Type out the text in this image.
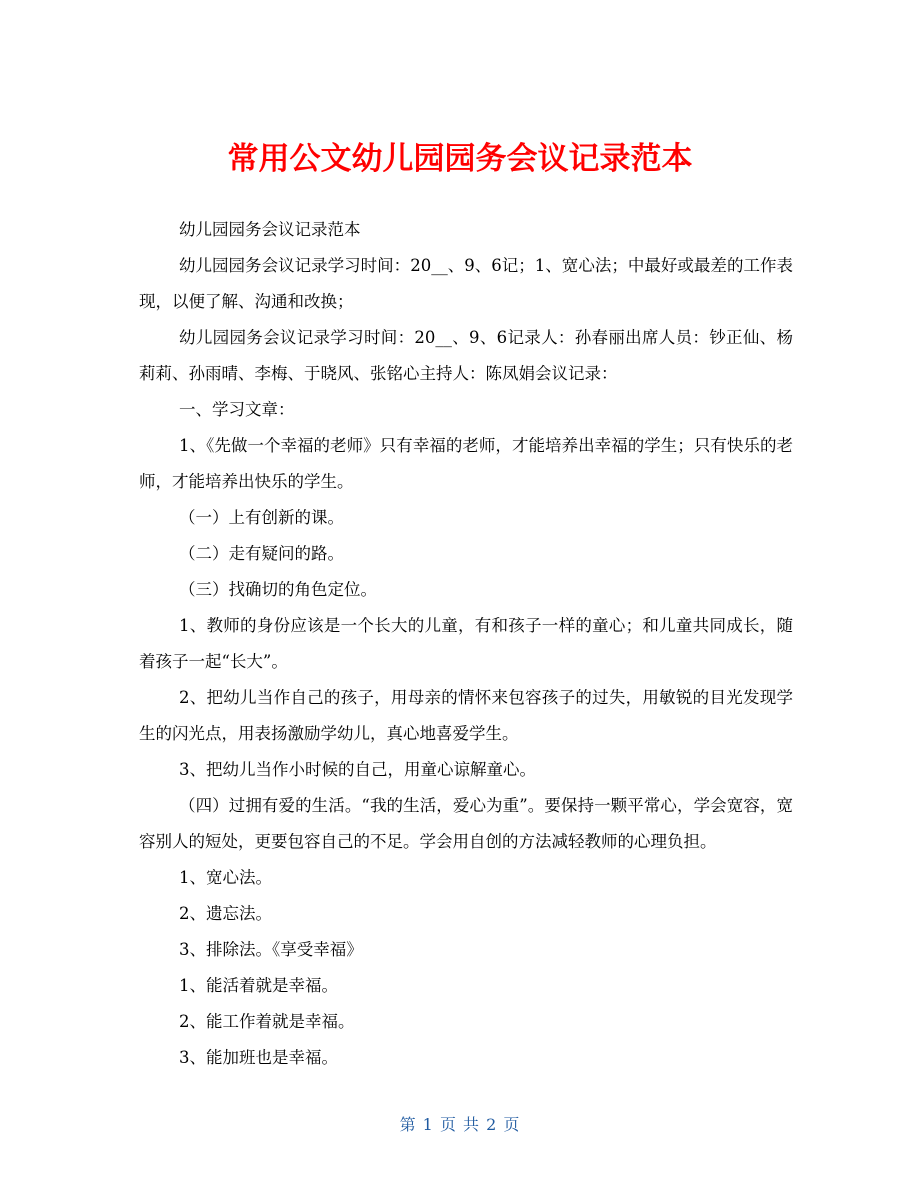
常用公文幼儿园园务会议记录范本

幼儿园园务会议记录范本

幼儿园园务会议记录学习时间：20__、9、6记；1、宽心法；中最好或最差的工作表现，以便了解、沟通和改换；

幼儿园园务会议记录学习时间：20__、9、6记录人：孙春丽出席人员：钞正仙、杨莉莉、孙雨晴、李梅、于晓风、张铭心主持人：陈凤娟会议记录：

一、学习文章：

1、《先做一个幸福的老师》只有幸福的老师，才能培养出幸福的学生；只有快乐的老师，才能培养出快乐的学生。

（一）上有创新的课。

（二）走有疑问的路。

（三）找确切的角色定位。

1、教师的身份应该是一个长大的儿童，有和孩子一样的童心；和儿童共同成长，随着孩子一起“长大”。

2、把幼儿当作自己的孩子，用母亲的情怀来包容孩子的过失，用敏锐的目光发现学生的闪光点，用表扬激励学幼儿，真心地喜爱学生。

3、把幼儿当作小时候的自己，用童心谅解童心。

（四）过拥有爱的生活。“我的生活，爱心为重”。要保持一颗平常心，学会宽容，宽容别人的短处，更要包容自己的不足。学会用自创的方法减轻教师的心理负担。

1、宽心法。

2、遗忘法。

3、排除法。《享受幸福》

1、能活着就是幸福。

2、能工作着就是幸福。

3、能加班也是幸福。

第 1 页 共 2 页
